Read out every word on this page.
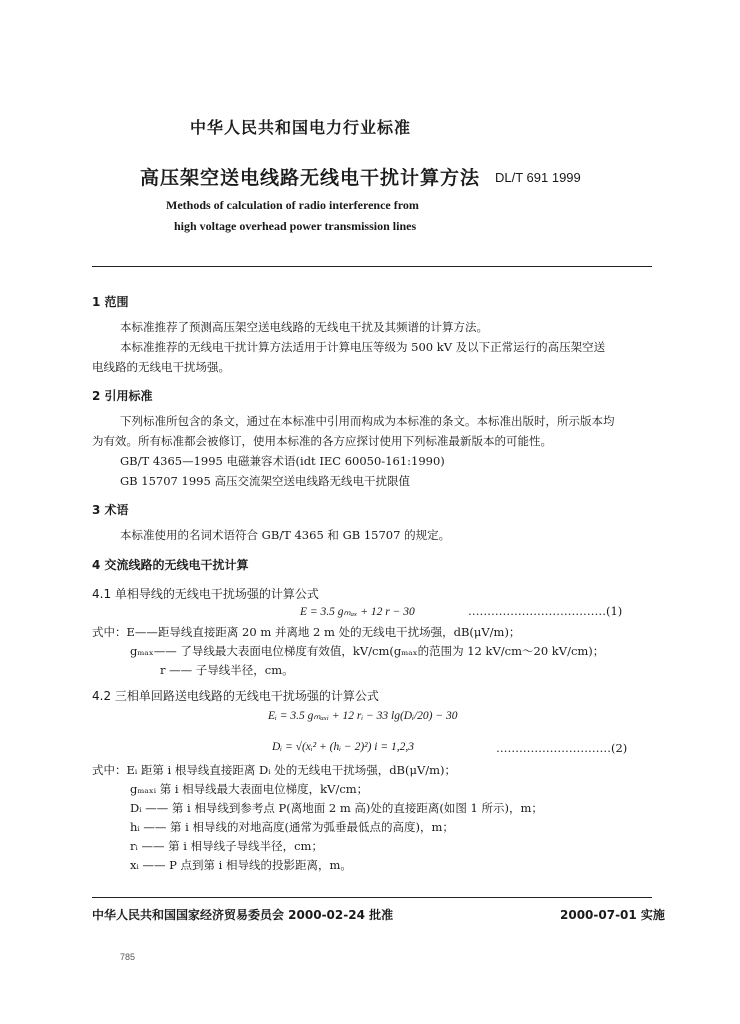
中华人民共和国电力行业标准
高压架空送电线路无线电干扰计算方法 DL/T 691 1999
Methods of calculation of radio interference from
high voltage overhead power transmission lines
1 范围
本标准推荐了预测高压架空送电线路的无线电干扰及其频谱的计算方法。
本标准推荐的无线电干扰计算方法适用于计算电压等级为 500 kV 及以下正常运行的高压架空送
电线路的无线电干扰场强。
2 引用标准
下列标准所包含的条文，通过在本标准中引用而构成为本标准的条文。本标准出版时，所示版本均
为有效。所有标准都会被修订，使用本标准的各方应探讨使用下列标准最新版本的可能性。
GB/T 4365—1995 电磁兼容术语(idt IEC 60050-161:1990)
GB 15707 1995 高压交流架空送电线路无线电干扰限值
3 术语
本标准使用的名词术语符合 GB/T 4365 和 GB 15707 的规定。
4 交流线路的无线电干扰计算
4.1 单相导线的无线电干扰场强的计算公式
E = 3.5 gₘₐₓ + 12 r − 30	………………………………(1)
式中：E——距导线直接距离 20 m 并离地 2 m 处的无线电干扰场强，dB(μV/m)；
gₘₐₓ—— 了导线最大表面电位梯度有效值，kV/cm(gₘₐₓ的范围为 12 kV/cm～20 kV/cm)；
r —— 子导线半径，cm。
4.2 三相单回路送电线路的无线电干扰场强的计算公式
Eᵢ = 3.5 gₘₐₓᵢ + 12 rᵢ − 33 lg(Dᵢ/20) − 30
Dᵢ = √(xᵢ² + (hᵢ − 2)²) i = 1,2,3	…………………………(2)
式中：Eᵢ 距第 i 根导线直接距离 Dᵢ 处的无线电干扰场强，dB(μV/m)；
gₘₐₓᵢ 第 i 相导线最大表面电位梯度，kV/cm；
Dᵢ —— 第 i 相导线到参考点 P(离地面 2 m 高)处的直接距离(如图 1 所示)，m；
hᵢ —— 第 i 相导线的对地高度(通常为弧垂最低点的高度)，m；
rᵢ —— 第 i 相导线子导线半径，cm；
xᵢ —— P 点到第 i 相导线的投影距离，m。
中华人民共和国国家经济贸易委员会 2000-02-24 批准	2000-07-01 实施
785
